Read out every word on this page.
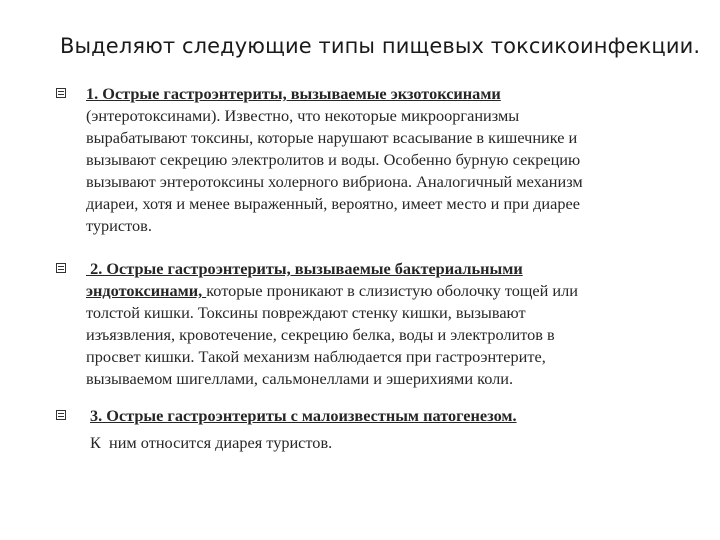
Выделяют следующие типы пищевых токсикоинфекции.
1. Острые гастроэнтериты, вызываемые экзотоксинами
(энтеротоксинами). Известно, что некоторые микроорганизмы
вырабатывают токсины, которые нарушают всасывание в кишечнике и
вызывают секрецию электролитов и воды. Особенно бурную секрецию
вызывают энтеротоксины холерного вибриона. Аналогичный механизм
диареи, хотя и менее выраженный, вероятно, имеет место и при диарее
туристов.
2. Острые гастроэнтериты, вызываемые бактериальными
эндотоксинами, которые проникают в слизистую оболочку тощей или
толстой кишки. Токсины повреждают стенку кишки, вызывают
изъязвления, кровотечение, секрецию белка, воды и электролитов в
просвет кишки. Такой механизм наблюдается при гастроэнтерите,
вызываемом шигеллами, сальмонеллами и эшерихиями коли.
3. Острые гастроэнтериты с малоизвестным патогенезом.
К  ним относится диарея туристов.
